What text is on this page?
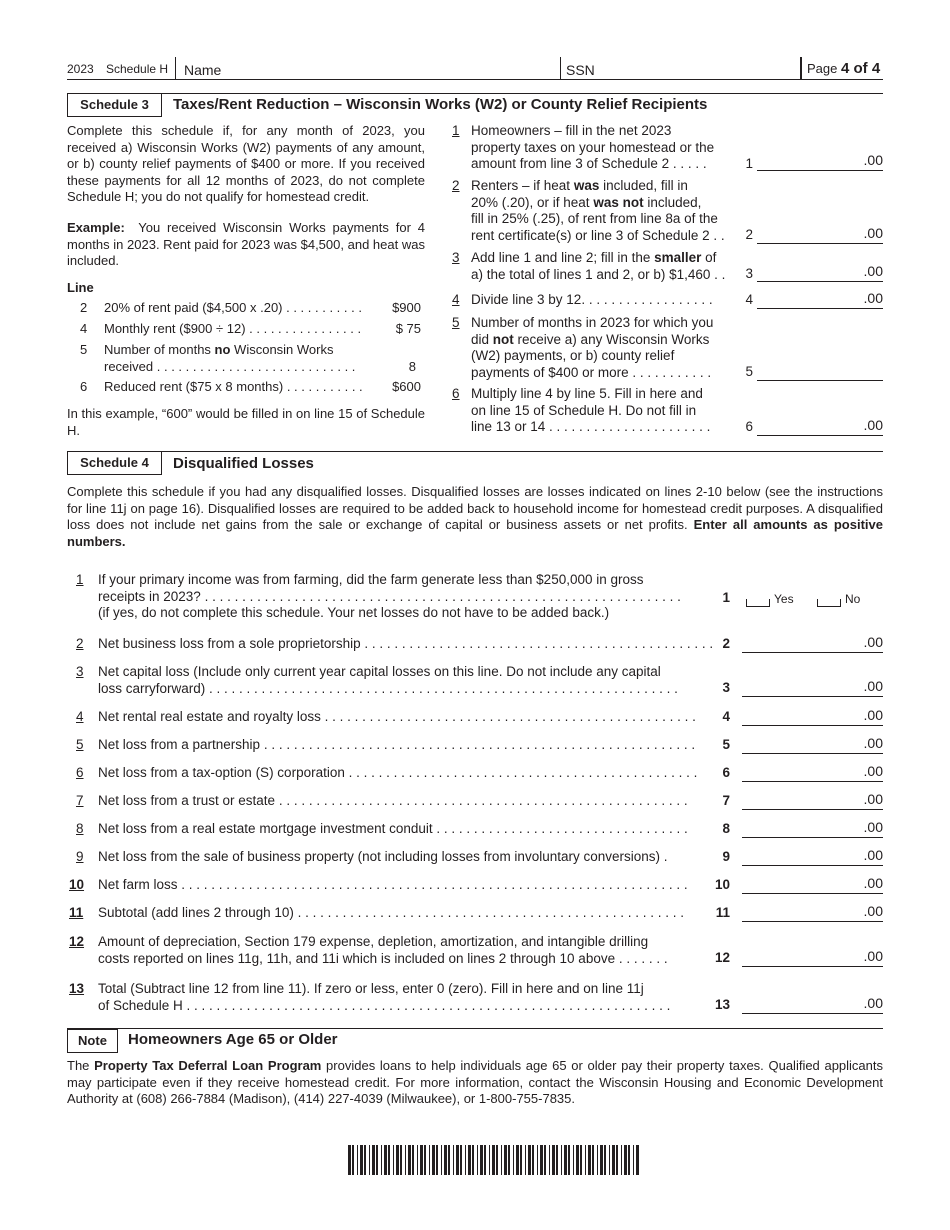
2023 Schedule H Name	SSN	Page 4 of 4
Schedule 3	Taxes/Rent Reduction – Wisconsin Works (W2) or County Relief Recipients
Complete this schedule if, for any month of 2023, you received a) Wisconsin Works (W2) payments of any amount, or b) county relief payments of $400 or more. If you received these payments for all 12 months of 2023, do not complete Schedule H; you do not qualify for homestead credit.
Example: You received Wisconsin Works payments for 4 months in 2023. Rent paid for 2023 was $4,500, and heat was included.
Line
2 20% of rent paid ($4,500 x .20) . . . . . . . . . . . $900
4 Monthly rent ($900 ÷ 12) . . . . . . . . . . . . . . . .	$ 75
5 Number of months no Wisconsin Works
received . . . . . . . . . . . . . . . . . . . . . . . . . . . .	8
6 Reduced rent ($75 x 8 months) . . . . . . . . . . . $600
In this example, “600” would be filled in on line 15 of Schedule H.
1 Homeowners – fill in the net 2023
property taxes on your homestead or the
amount from line 3 of Schedule 2 . . . . .	1	.00
2 Renters – if heat was included, fill in
20% (.20), or if heat was not included,
fill in 25% (.25), of rent from line 8a of the
rent certificate(s) or line 3 of Schedule 2 . .	2	.00
3 Add line 1 and line 2; fill in the smaller of
a) the total of lines 1 and 2, or b) $1,460 . .	3	.00
4 Divide line 3 by 12. . . . . . . . . . . . . . . . . .	4	.00
5 Number of months in 2023 for which you
did not receive a) any Wisconsin Works
(W2) payments, or b) county relief
payments of $400 or more . . . . . . . . . . .	5
6 Multiply line 4 by line 5. Fill in here and
on line 15 of Schedule H. Do not fill in
line 13 or 14 . . . . . . . . . . . . . . . . . . . . . .	6	.00
Schedule 4	Disqualified Losses
Complete this schedule if you had any disqualified losses. Disqualified losses are losses indicated on lines 2-10 below (see the instructions for line 11j on page 16). Disqualified losses are required to be added back to household income for homestead credit purposes. A disqualified loss does not include net gains from the sale or exchange of capital or business assets or net profits. Enter all amounts as positive numbers.
1 If your primary income was from farming, did the farm generate less than $250,000 in gross
receipts in 2023? . . . . . . . . . . . . . . . . . . . . . . . . . . . . . . . . . . . . . . . . . . . . . . . . . . . . . . . . . . . . . . . .
(if yes, do not complete this schedule. Your net losses do not have to be added back.)
1	Yes	No
2 Net business loss from a sole proprietorship . . . . . . . . . . . . . . . . . . . . . . . . . . . . . . . . . . . . . . . . . . . . . . . 2	.00
3 Net capital loss (Include only current year capital losses on this line. Do not include any capital
loss carryforward) . . . . . . . . . . . . . . . . . . . . . . . . . . . . . . . . . . . . . . . . . . . . . . . . . . . . . . . . . . . . . . .	3	.00
4 Net rental real estate and royalty loss . . . . . . . . . . . . . . . . . . . . . . . . . . . . . . . . . . . . . . . . . . . . . . . . . .	4	.00
5 Net loss from a partnership . . . . . . . . . . . . . . . . . . . . . . . . . . . . . . . . . . . . . . . . . . . . . . . . . . . . . . . . . .	5	.00
6 Net loss from a tax-option (S) corporation . . . . . . . . . . . . . . . . . . . . . . . . . . . . . . . . . . . . . . . . . . . . . . .	6	.00
7 Net loss from a trust or estate . . . . . . . . . . . . . . . . . . . . . . . . . . . . . . . . . . . . . . . . . . . . . . . . . . . . . . .	7	.00
8 Net loss from a real estate mortgage investment conduit . . . . . . . . . . . . . . . . . . . . . . . . . . . . . . . . . .	8	.00
9 Net loss from the sale of business property (not including losses from involuntary conversions) .	9	.00
10 Net farm loss . . . . . . . . . . . . . . . . . . . . . . . . . . . . . . . . . . . . . . . . . . . . . . . . . . . . . . . . . . . . . . . . . . . .	10	.00
11 Subtotal (add lines 2 through 10) . . . . . . . . . . . . . . . . . . . . . . . . . . . . . . . . . . . . . . . . . . . . . . . . . . . .	11	.00
12 Amount of depreciation, Section 179 expense, depletion, amortization, and intangible drilling
costs reported on lines 11g, 11h, and 11i which is included on lines 2 through 10 above . . . . . . .	12	.00
13 Total (Subtract line 12 from line 11). If zero or less, enter 0 (zero). Fill in here and on line 11j
of Schedule H . . . . . . . . . . . . . . . . . . . . . . . . . . . . . . . . . . . . . . . . . . . . . . . . . . . . . . . . . . . . . . . . .	13	.00
Note	Homeowners Age 65 or Older
The Property Tax Deferral Loan Program provides loans to help individuals age 65 or older pay their property taxes. Qualified applicants may participate even if they receive homestead credit. For more information, contact the Wisconsin Housing and Economic Development Authority at (608) 266-7884 (Madison), (414) 227-4039 (Milwaukee), or 1-800-755-7835.
